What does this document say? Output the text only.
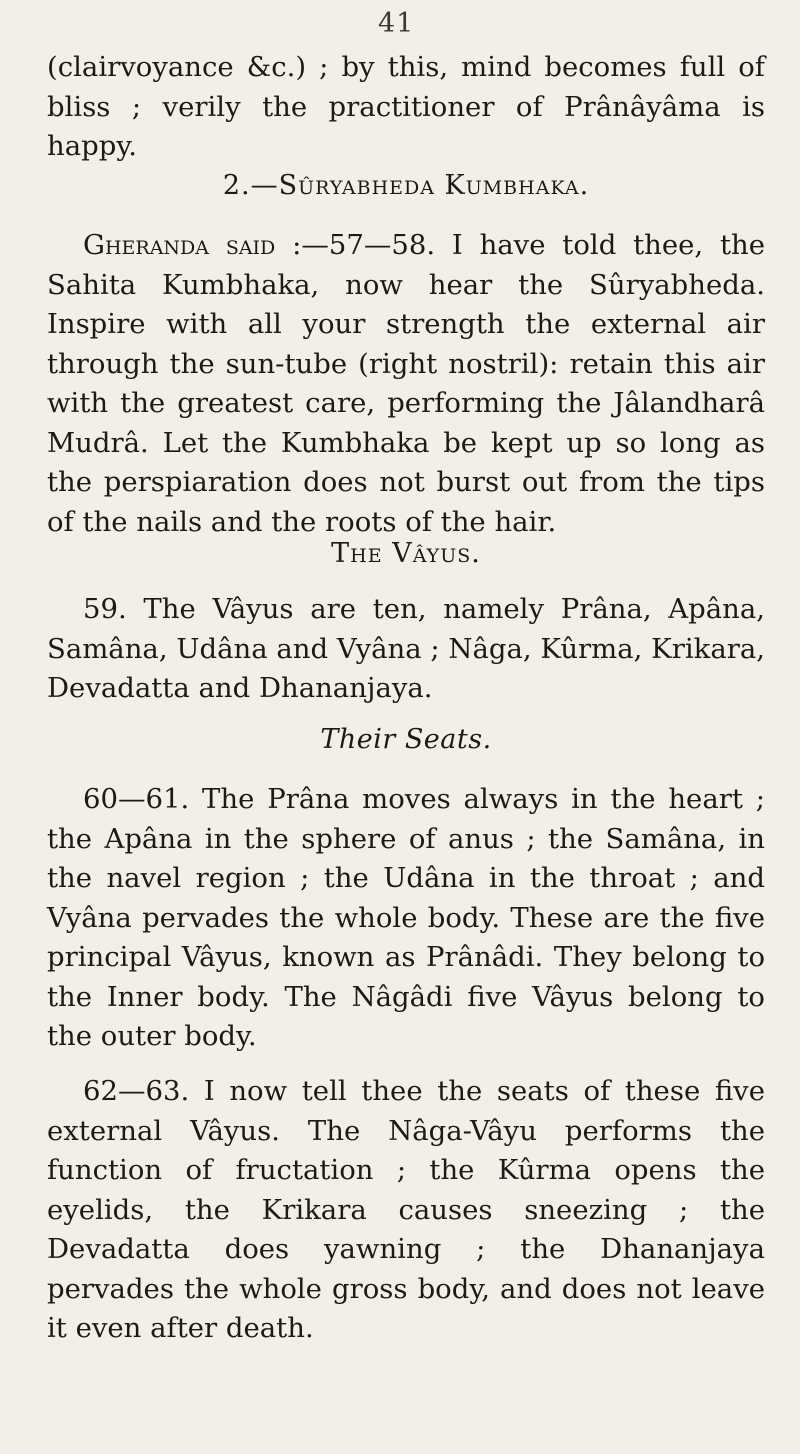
41

(clairvoyance &c.) ; by this, mind becomes full of bliss ; verily the practitioner of Prânâyâma is happy.

2.—Sûryabheda Kumbhaka.

Gheranda said :—57—58. I have told thee, the Sahita Kumbhaka, now hear the Sûryabheda. Inspire with all your strength the external air through the sun-tube (right nostril): retain this air with the greatest care, performing the Jâlandharâ Mudrâ. Let the Kumbhaka be kept up so long as the perspiaration does not burst out from the tips of the nails and the roots of the hair.

The Vâyus.

59. The Vâyus are ten, namely Prâna, Apâna, Samâna, Udâna and Vyâna ; Nâga, Kûrma, Krikara, Devadatta and Dhananjaya.

Their Seats.

60—61. The Prâna moves always in the heart ; the Apâna in the sphere of anus ; the Samâna, in the navel region ; the Udâna in the throat ; and Vyâna pervades the whole body. These are the five principal Vâyus, known as Prânâdi. They belong to the Inner body. The Nâgâdi five Vâyus belong to the outer body.

62—63. I now tell thee the seats of these five external Vâyus. The Nâga-Vâyu performs the function of fructation ; the Kûrma opens the eyelids, the Krikara causes sneezing ; the Devadatta does yawning ; the Dhananjaya pervades the whole gross body, and does not leave it even after death.
